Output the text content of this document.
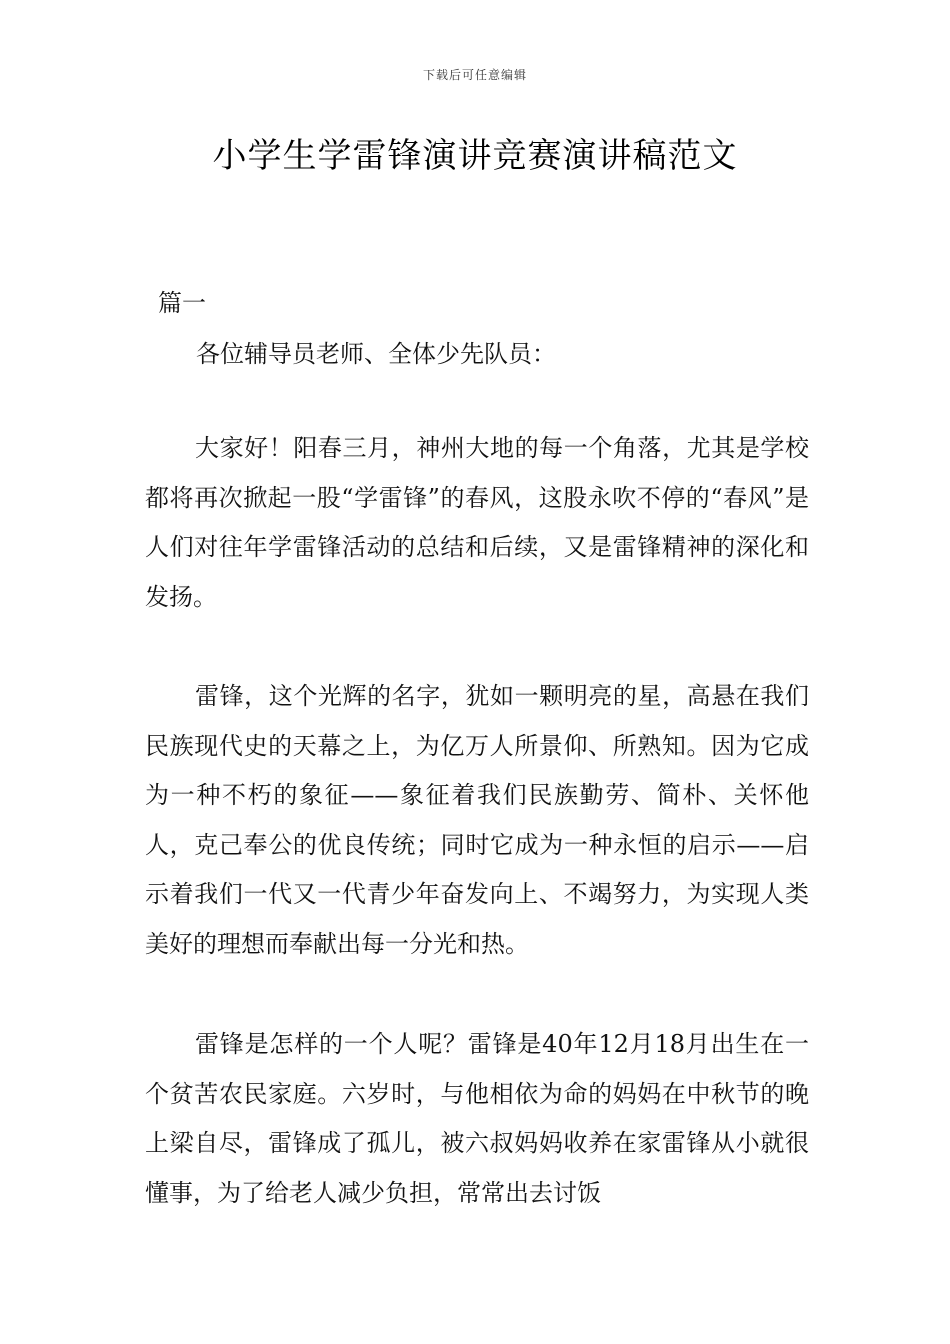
下载后可任意编辑
小学生学雷锋演讲竞赛演讲稿范文
篇一
各位辅导员老师、全体少先队员：

大家好！阳春三月，神州大地的每一个角落，尤其是学校都将再次掀起一股“学雷锋”的春风，这股永吹不停的“春风”是人们对往年学雷锋活动的总结和后续，又是雷锋精神的深化和发扬。

雷锋，这个光辉的名字，犹如一颗明亮的星，高悬在我们民族现代史的天幕之上，为亿万人所景仰、所熟知。因为它成为一种不朽的象征——象征着我们民族勤劳、简朴、关怀他人，克己奉公的优良传统；同时它成为一种永恒的启示——启示着我们一代又一代青少年奋发向上、不竭努力，为实现人类美好的理想而奉献出每一分光和热。

雷锋是怎样的一个人呢？雷锋是40年12月18月出生在一个贫苦农民家庭。六岁时，与他相依为命的妈妈在中秋节的晚上梁自尽，雷锋成了孤儿，被六叔妈妈收养在家雷锋从小就很懂事，为了给老人减少负担，常常出去讨饭
